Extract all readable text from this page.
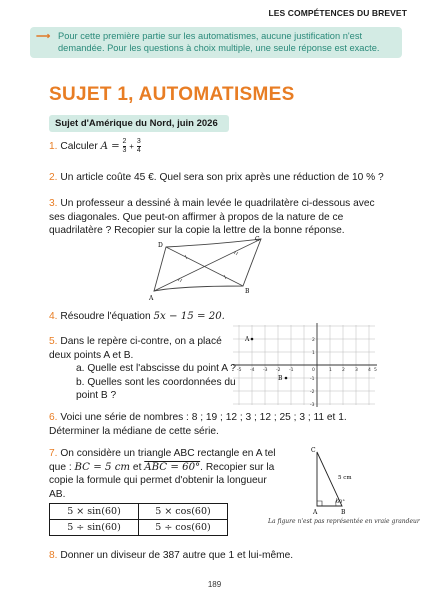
LES COMPÉTENCES DU BREVET
⟶ Pour cette première partie sur les automatismes, aucune justification n'est demandée. Pour les questions à choix multiple, une seule réponse est exacte.
SUJET 1, AUTOMATISMES
Sujet d'Amérique du Nord, juin 2026
1. Calculer $A = \frac{2}{3} + \frac{3}{4}$
2. Un article coûte 45 €. Quel sera son prix après une réduction de 10 % ?
3. Un professeur a dessiné à main levée le quadrilatère ci-dessous avec ses diagonales. Que peut-on affirmer à propos de la nature de ce quadrilatère ? Recopier sur la copie la lettre de la bonne réponse.
A
B
C
D
4. Résoudre l'équation 5x − 15 = 20.
5. Dans le repère ci-contre, on a placé
deux points A et B.
a. Quelle est l'abscisse du point A ?
b. Quelles sont les coordonnées du
point B ?
-5 -4 -3 -2 -1	0	1 2 3 4 5
2
1
-1
-2
-3
A
B
6. Voici une série de nombres : 8 ; 19 ; 12 ; 3 ; 12 ; 25 ; 3 ; 11 et 1.
Déterminer la médiane de cette série.
7. On considère un triangle ABC rectangle en A tel
que : BC = 5 cm et ABC = 60°. Recopier sur la
copie la formule qui permet d'obtenir la longueur
AB.
5 × sin(60)	5 × cos(60)
5 ÷ sin(60)	5 ÷ cos(60)
C
A	B
5 cm
60°
La figure n'est pas représentée en vraie grandeur
8. Donner un diviseur de 387 autre que 1 et lui-même.
189
